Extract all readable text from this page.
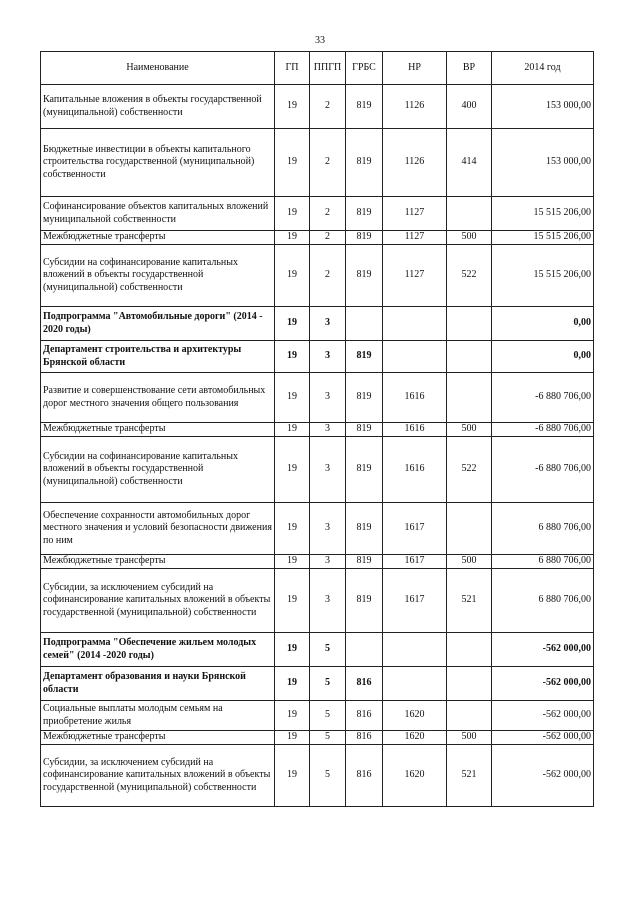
33
Наименование	ГП	ППГП	ГРБС	НР	ВР	2014 год
Капитальные вложения в объекты государственной (муниципальной) собственности	19	2	819	1126	400	153 000,00
Бюджетные инвестиции в объекты капитального строительства государственной (муниципальной) собственности	19	2	819	1126	414	153 000,00
Софинансирование объектов капитальных вложений муниципальной собственности	19	2	819	1127		15 515 206,00
Межбюджетные трансферты	19	2	819	1127	500	15 515 206,00
Субсидии на софинансирование капитальных вложений в объекты государственной (муниципальной) собственности	19	2	819	1127	522	15 515 206,00
Подпрограмма "Автомобильные дороги" (2014 - 2020 годы)	19	3				0,00
Департамент строительства и архитектуры Брянской области	19	3	819			0,00
Развитие и совершенствование сети автомобильных дорог местного значения общего пользования	19	3	819	1616		-6 880 706,00
Межбюджетные трансферты	19	3	819	1616	500	-6 880 706,00
Субсидии на софинансирование капитальных вложений в объекты государственной (муниципальной) собственности	19	3	819	1616	522	-6 880 706,00
Обеспечение сохранности автомобильных дорог местного значения и условий безопасности движения по ним	19	3	819	1617		6 880 706,00
Межбюджетные трансферты	19	3	819	1617	500	6 880 706,00
Субсидии, за исключением субсидий на софинансирование капитальных вложений в объекты государственной (муниципальной) собственности	19	3	819	1617	521	6 880 706,00
Подпрограмма "Обеспечение жильем молодых семей" (2014 -2020 годы)	19	5				-562 000,00
Департамент образования и науки Брянской области	19	5	816			-562 000,00
Социальные выплаты молодым семьям на приобретение жилья	19	5	816	1620		-562 000,00
Межбюджетные трансферты	19	5	816	1620	500	-562 000,00
Субсидии, за исключением субсидий на софинансирование капитальных вложений в объекты государственной (муниципальной) собственности	19	5	816	1620	521	-562 000,00
